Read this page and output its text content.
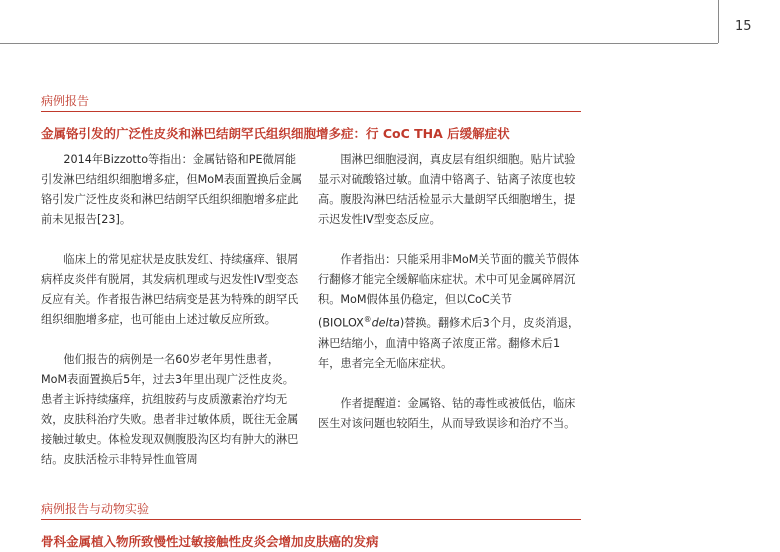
15
病例报告
金属铬引发的广泛性皮炎和淋巴结朗罕氏组织细胞增多症：行 CoC THA 后缓解症状

2014年Bizzotto等指出：金属钴铬和PE微屑能引发淋巴结组织细胞增多症，但MoM表面置换后金属铬引发广泛性皮炎和淋巴结朗罕氏组织细胞增多症此前未见报告[23]。

临床上的常见症状是皮肤发红、持续瘙痒、银屑病样皮炎伴有脱屑，其发病机理或与迟发性IV型变态反应有关。作者报告淋巴结病变是甚为特殊的朗罕氏组织细胞增多症，也可能由上述过敏反应所致。

他们报告的病例是一名60岁老年男性患者，MoM表面置换后5年，过去3年里出现广泛性皮炎。患者主诉持续瘙痒，抗组胺药与皮质激素治疗均无效，皮肤科治疗失败。患者非过敏体质，既往无金属接触过敏史。体检发现双侧腹股沟区均有肿大的淋巴结。皮肤活检示非特异性血管周

围淋巴细胞浸润，真皮层有组织细胞。贴片试验显示对硫酸铬过敏。血清中铬离子、钴离子浓度也较高。腹股沟淋巴结活检显示大量朗罕氏细胞增生，提示迟发性IV型变态反应。

作者指出：只能采用非MoM关节面的髋关节假体行翻修才能完全缓解临床症状。术中可见金属碎屑沉积。MoM假体虽仍稳定，但以CoC关节(BIOLOX®delta)替换。翻修术后3个月，皮炎消退，淋巴结缩小，血清中铬离子浓度正常。翻修术后1年，患者完全无临床症状。

作者提醒道：金属铬、钴的毒性或被低估，临床医生对该问题也较陌生，从而导致误诊和治疗不当。

病例报告与动物实验
骨科金属植入物所致慢性过敏接触性皮炎会增加皮肤癌的发病
